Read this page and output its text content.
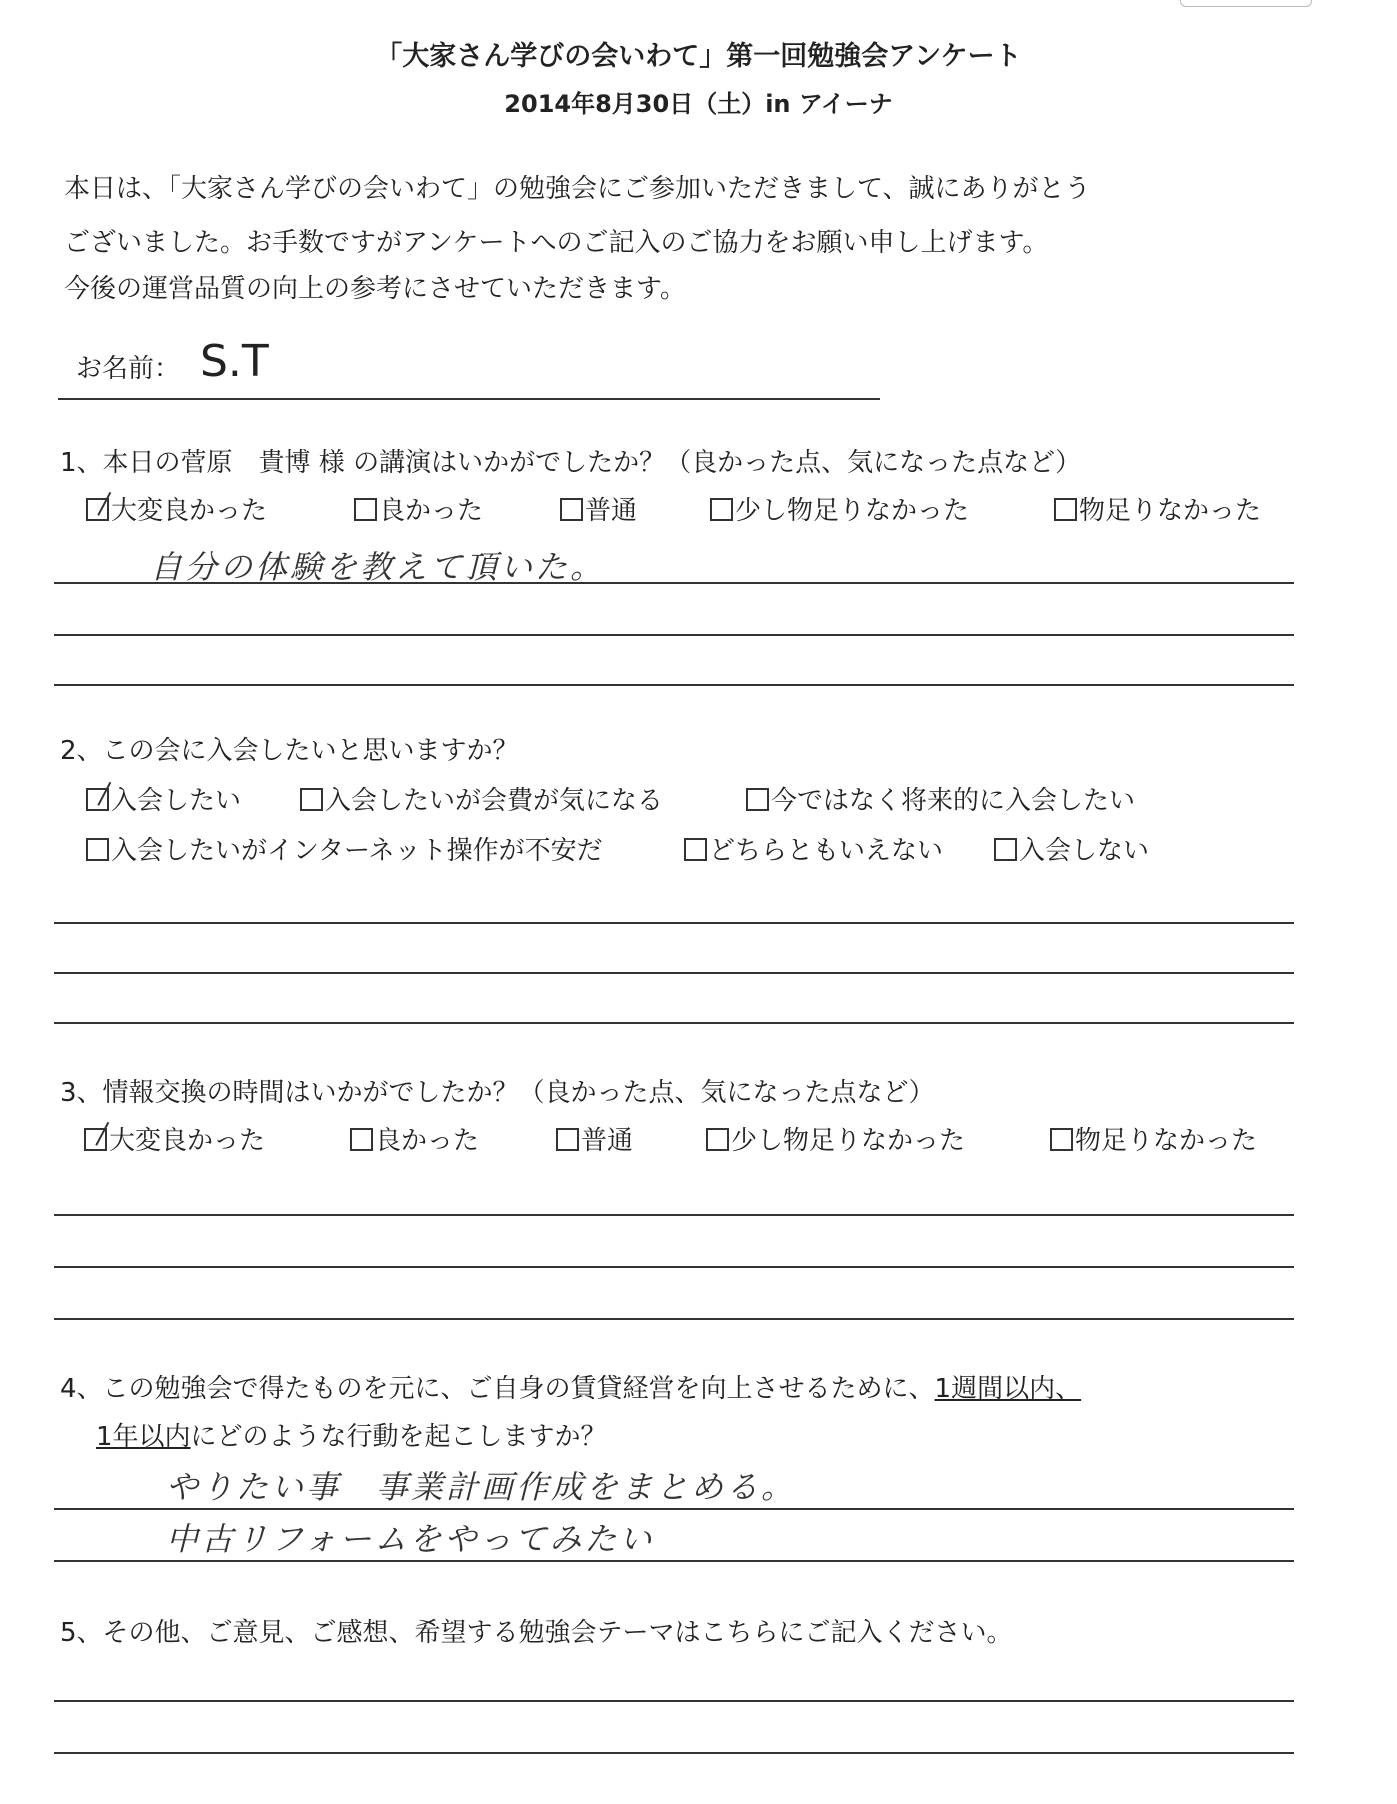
「大家さん学びの会いわて」第一回勉強会アンケート
2014年8月30日（土）in アイーナ
本日は、「大家さん学びの会いわて」の勉強会にご参加いただきまして、誠にありがとう
ございました。お手数ですがアンケートへのご記入のご協力をお願い申し上げます。
今後の運営品質の向上の参考にさせていただきます。
お名前： S.T
1、本日の菅原　貴博 様 の講演はいかがでしたか？（良かった点、気になった点など）
大変良かった	良かった	普通	少し物足りなかった	物足りなかった
自分の体験を教えて頂いた。
2、この会に入会したいと思いますか？
入会したい	入会したいが会費が気になる	今ではなく将来的に入会したい
入会したいがインターネット操作が不安だ	どちらともいえない	入会しない
3、情報交換の時間はいかがでしたか？（良かった点、気になった点など）
大変良かった	良かった	普通	少し物足りなかった	物足りなかった
4、この勉強会で得たものを元に、ご自身の賃貸経営を向上させるために、1週間以内、
1年以内にどのような行動を起こしますか？
やりたい事　事業計画作成をまとめる。
中古リフォームをやってみたい
5、その他、ご意見、ご感想、希望する勉強会テーマはこちらにご記入ください。
